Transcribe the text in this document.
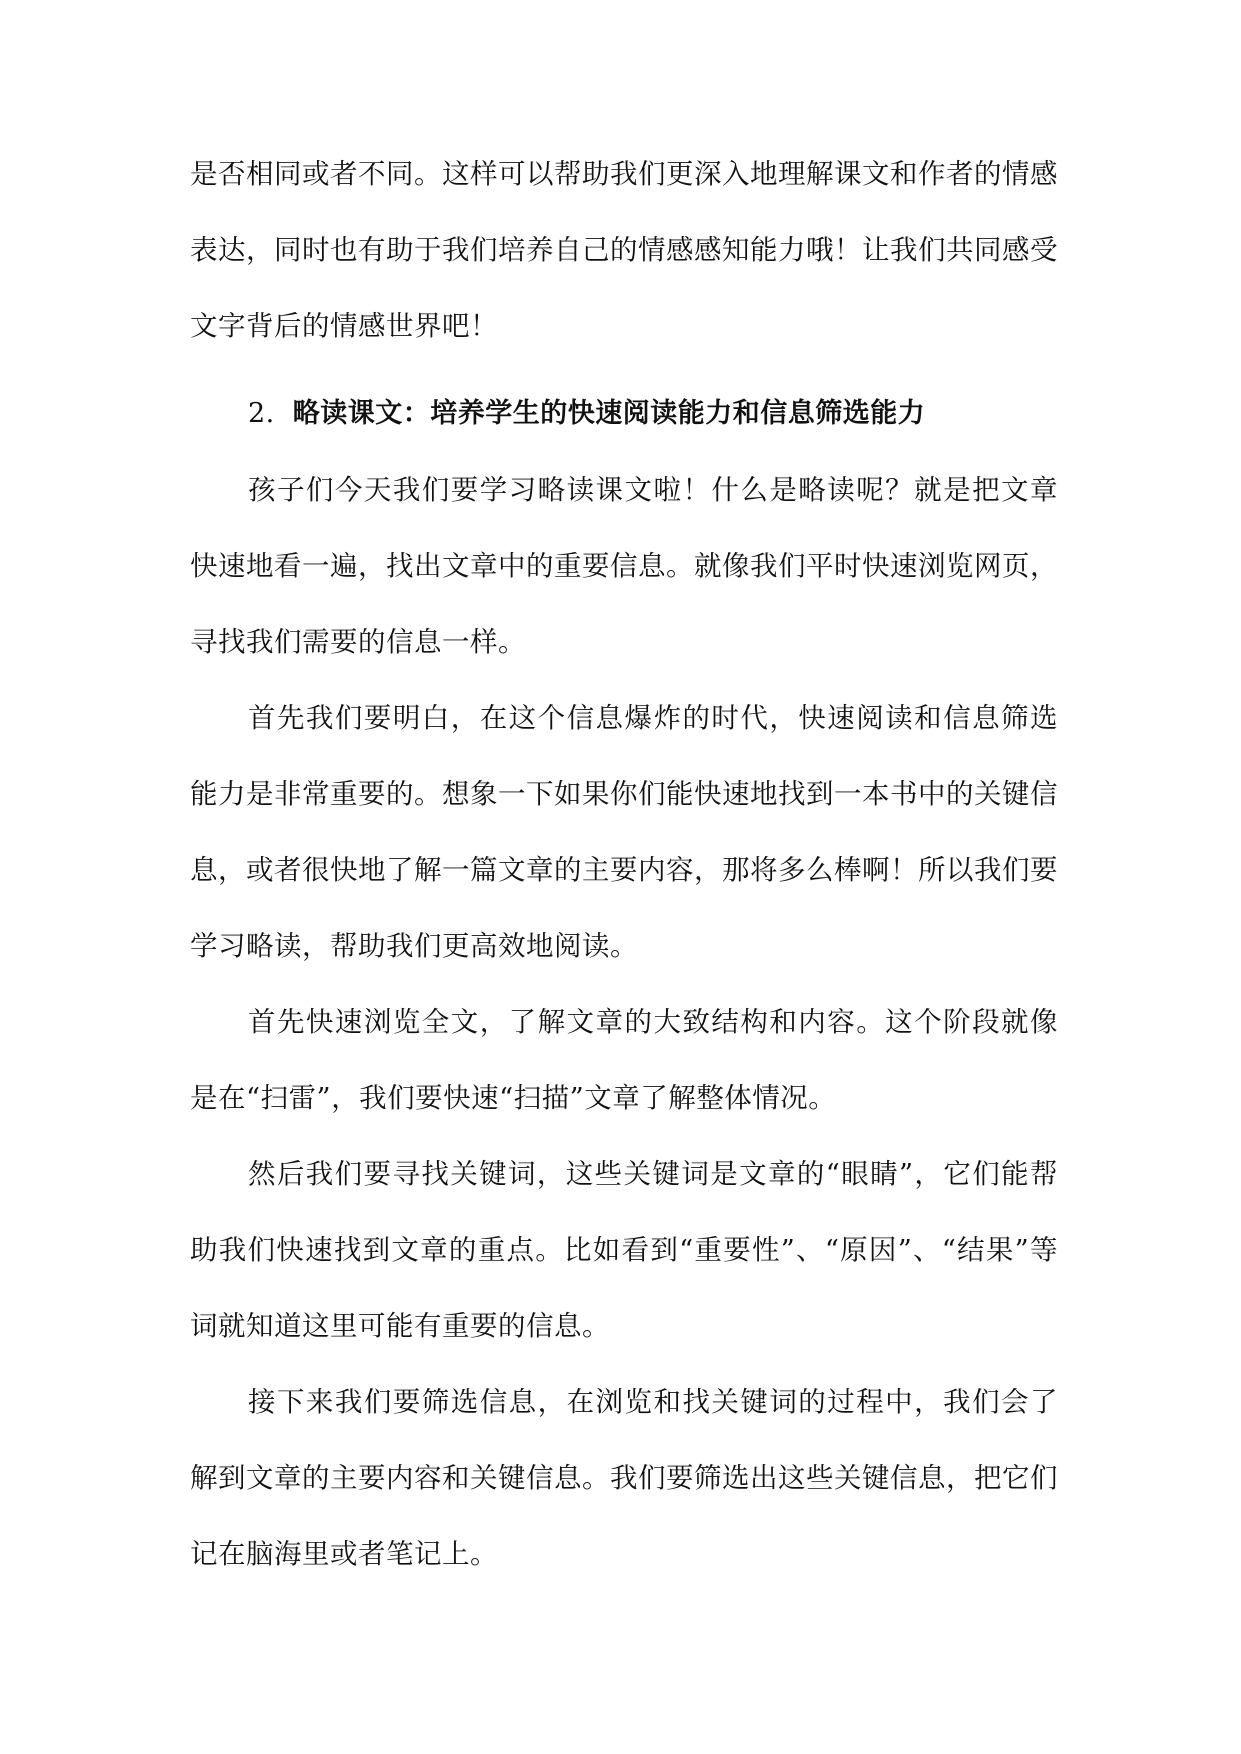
是否相同或者不同。这样可以帮助我们更深入地理解课文和作者的情感表达，同时也有助于我们培养自己的情感感知能力哦！让我们共同感受文字背后的情感世界吧！

2. 略读课文：培养学生的快速阅读能力和信息筛选能力

孩子们今天我们要学习略读课文啦！什么是略读呢？就是把文章快速地看一遍，找出文章中的重要信息。就像我们平时快速浏览网页，寻找我们需要的信息一样。

首先我们要明白，在这个信息爆炸的时代，快速阅读和信息筛选能力是非常重要的。想象一下如果你们能快速地找到一本书中的关键信息，或者很快地了解一篇文章的主要内容，那将多么棒啊！所以我们要学习略读，帮助我们更高效地阅读。

首先快速浏览全文，了解文章的大致结构和内容。这个阶段就像是在“扫雷”，我们要快速“扫描”文章了解整体情况。

然后我们要寻找关键词，这些关键词是文章的“眼睛”，它们能帮助我们快速找到文章的重点。比如看到“重要性”、“原因”、“结果”等词就知道这里可能有重要的信息。

接下来我们要筛选信息，在浏览和找关键词的过程中，我们会了解到文章的主要内容和关键信息。我们要筛选出这些关键信息，把它们记在脑海里或者笔记上。
